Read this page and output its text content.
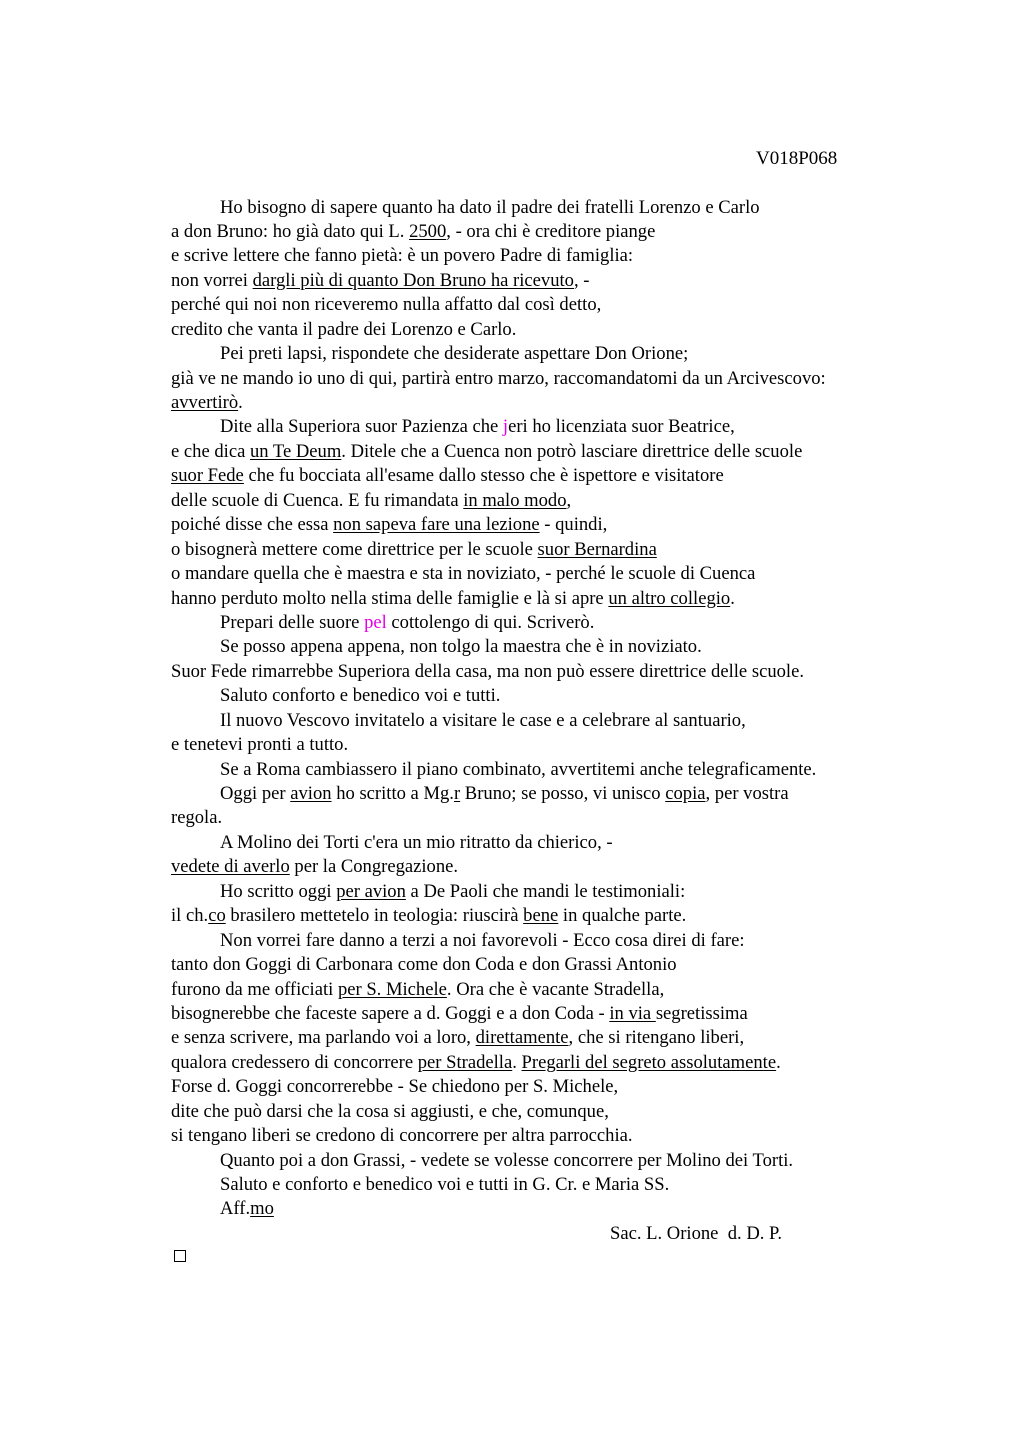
V018P068
Ho bisogno di sapere quanto ha dato il padre dei fratelli Lorenzo e Carlo
a don Bruno: ho già dato qui L. 2500, - ora chi è creditore piange
e scrive lettere che fanno pietà: è un povero Padre di famiglia:
non vorrei dargli più di quanto Don Bruno ha ricevuto, -
perché qui noi non riceveremo nulla affatto dal così detto,
credito che vanta il padre dei Lorenzo e Carlo.
Pei preti lapsi, rispondete che desiderate aspettare Don Orione;
già ve ne mando io uno di qui, partirà entro marzo, raccomandatomi da un Arcivescovo:
avvertirò.
Dite alla Superiora suor Pazienza che jeri ho licenziata suor Beatrice,
e che dica un Te Deum. Ditele che a Cuenca non potrò lasciare direttrice delle scuole
suor Fede che fu bocciata all'esame dallo stesso che è ispettore e visitatore
delle scuole di Cuenca. E fu rimandata in malo modo,
poiché disse che essa non sapeva fare una lezione - quindi,
o bisognerà mettere come direttrice per le scuole suor Bernardina
o mandare quella che è maestra e sta in noviziato, - perché le scuole di Cuenca
hanno perduto molto nella stima delle famiglie e là si apre un altro collegio.
Prepari delle suore pel cottolengo di qui. Scriverò.
Se posso appena appena, non tolgo la maestra che è in noviziato.
Suor Fede rimarrebbe Superiora della casa, ma non può essere direttrice delle scuole.
Saluto conforto e benedico voi e tutti.
Il nuovo Vescovo invitatelo a visitare le case e a celebrare al santuario,
e tenetevi pronti a tutto.
Se a Roma cambiassero il piano combinato, avvertitemi anche telegraficamente.
Oggi per avion ho scritto a Mg.r Bruno; se posso, vi unisco copia, per vostra
regola.
A Molino dei Torti c'era un mio ritratto da chierico, -
vedete di averlo per la Congregazione.
Ho scritto oggi per avion a De Paoli che mandi le testimoniali:
il ch.co brasilero mettetelo in teologia: riuscirà bene in qualche parte.
Non vorrei fare danno a terzi a noi favorevoli - Ecco cosa direi di fare:
tanto don Goggi di Carbonara come don Coda e don Grassi Antonio
furono da me officiati per S. Michele. Ora che è vacante Stradella,
bisognerebbe che faceste sapere a d. Goggi e a don Coda - in via segretissima
e senza scrivere, ma parlando voi a loro, direttamente, che si ritengano liberi,
qualora credessero di concorrere per Stradella. Pregarli del segreto assolutamente.
Forse d. Goggi concorrerebbe - Se chiedono per S. Michele,
dite che può darsi che la cosa si aggiusti, e che, comunque,
si tengano liberi se credono di concorrere per altra parrocchia.
Quanto poi a don Grassi, - vedete se volesse concorrere per Molino dei Torti.
Saluto e conforto e benedico voi e tutti in G. Cr. e Maria SS.
Aff.mo
Sac. L. Orione  d. D. P.
